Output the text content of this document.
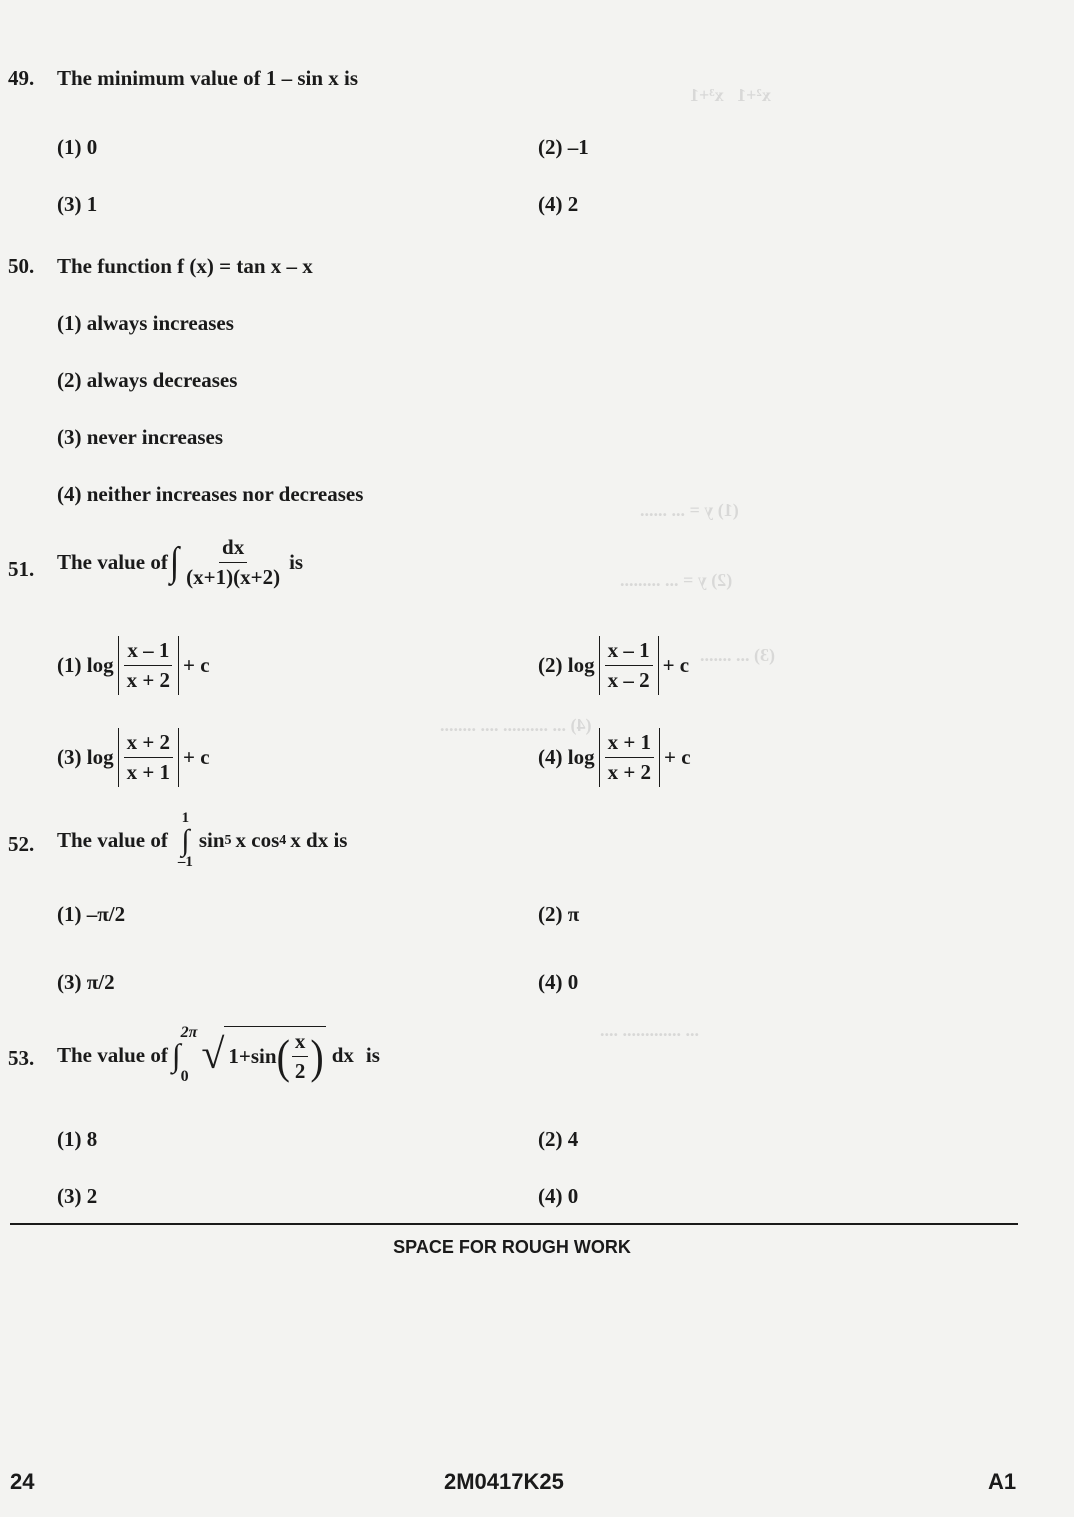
x²+1   x³+1
(1) y = ... ......
(2) y = ... .........
(3) ... .......
(4) ... .......... .... ........
... ............. ....
49. The minimum value of 1 – sin x is
(1) 0	(2) –1
(3) 1	(4) 2
50. The function f (x) = tan x – x
(1) always increases
(2) always decreases
(3) never increases
(4) neither increases nor decreases
51. The value of ∫ $\frac{dx}{(x+1)(x+2)}$ is
(1) $\log \frac{x - 1}{x + 2} + c$	(2) $\log \frac{x - 1}{x - 2} + c$
(3) $\log \frac{x + 2}{x + 1} + c$	(4) $\log \frac{x + 1}{x + 2} + c$
52. The value of
1
∫
–1
sin 5 x cos 4 x dx is
(1) –π/2	(2) π
(3) π/2	(4) 0
53. The value of ∫
2π
0 √ 1+sin ( $\frac{x}{2}$ ) dx is
(1) 8	(2) 4
(3) 2	(4) 0
SPACE FOR ROUGH WORK
24	2M0417K25	A1
